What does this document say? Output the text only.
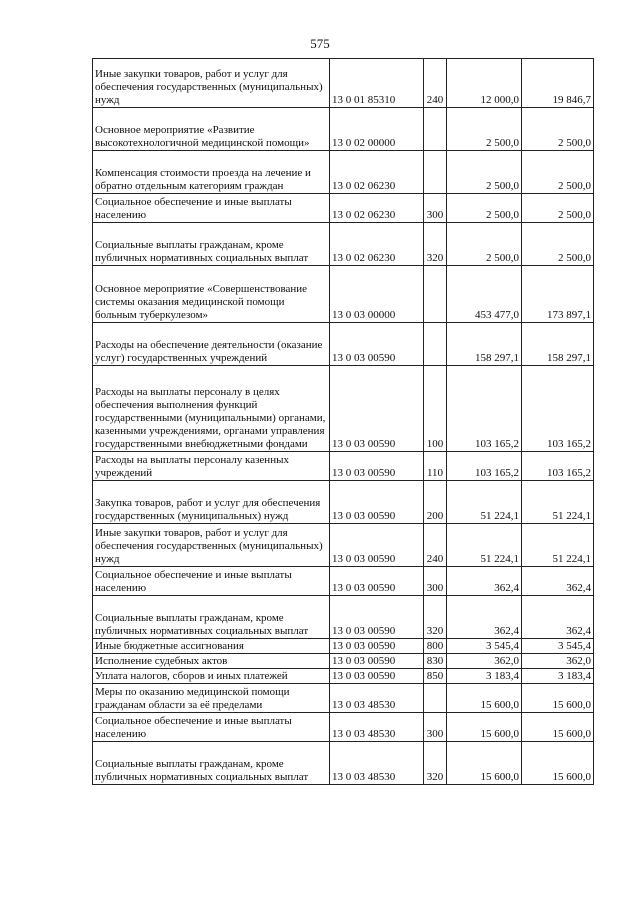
575
Иные закупки товаров, работ и услуг для обеспечения государственных (муниципальных) нужд	13 0 01 85310	240	12 000,0	19 846,7
Основное мероприятие «Развитие высокотехнологичной медицинской помощи»	13 0 02 00000		2 500,0	2 500,0
Компенсация стоимости проезда на лечение и обратно отдельным категориям граждан	13 0 02 06230		2 500,0	2 500,0
Социальное обеспечение и иные выплаты населению	13 0 02 06230	300	2 500,0	2 500,0
Социальные выплаты гражданам, кроме публичных нормативных социальных выплат	13 0 02 06230	320	2 500,0	2 500,0
Основное мероприятие «Совершенствование системы оказания медицинской помощи больным туберкулезом»	13 0 03 00000		453 477,0	173 897,1
Расходы на обеспечение деятельности (оказание услуг) государственных учреждений	13 0 03 00590		158 297,1	158 297,1
Расходы на выплаты персоналу в целях обеспечения выполнения функций государственными (муниципальными) органами, казенными учреждениями, органами управления государственными внебюджетными фондами	13 0 03 00590	100	103 165,2	103 165,2
Расходы на выплаты персоналу казенных учреждений	13 0 03 00590	110	103 165,2	103 165,2
Закупка товаров, работ и услуг для обеспечения государственных (муниципальных) нужд	13 0 03 00590	200	51 224,1	51 224,1
Иные закупки товаров, работ и услуг для обеспечения государственных (муниципальных) нужд	13 0 03 00590	240	51 224,1	51 224,1
Социальное обеспечение и иные выплаты населению	13 0 03 00590	300	362,4	362,4
Социальные выплаты гражданам, кроме публичных нормативных социальных выплат	13 0 03 00590	320	362,4	362,4
Иные бюджетные ассигнования	13 0 03 00590	800	3 545,4	3 545,4
Исполнение судебных актов	13 0 03 00590	830	362,0	362,0
Уплата налогов, сборов и иных платежей	13 0 03 00590	850	3 183,4	3 183,4
Меры по оказанию медицинской помощи гражданам области за её пределами	13 0 03 48530		15 600,0	15 600,0
Социальное обеспечение и иные выплаты населению	13 0 03 48530	300	15 600,0	15 600,0
Социальные выплаты гражданам, кроме публичных нормативных социальных выплат	13 0 03 48530	320	15 600,0	15 600,0
